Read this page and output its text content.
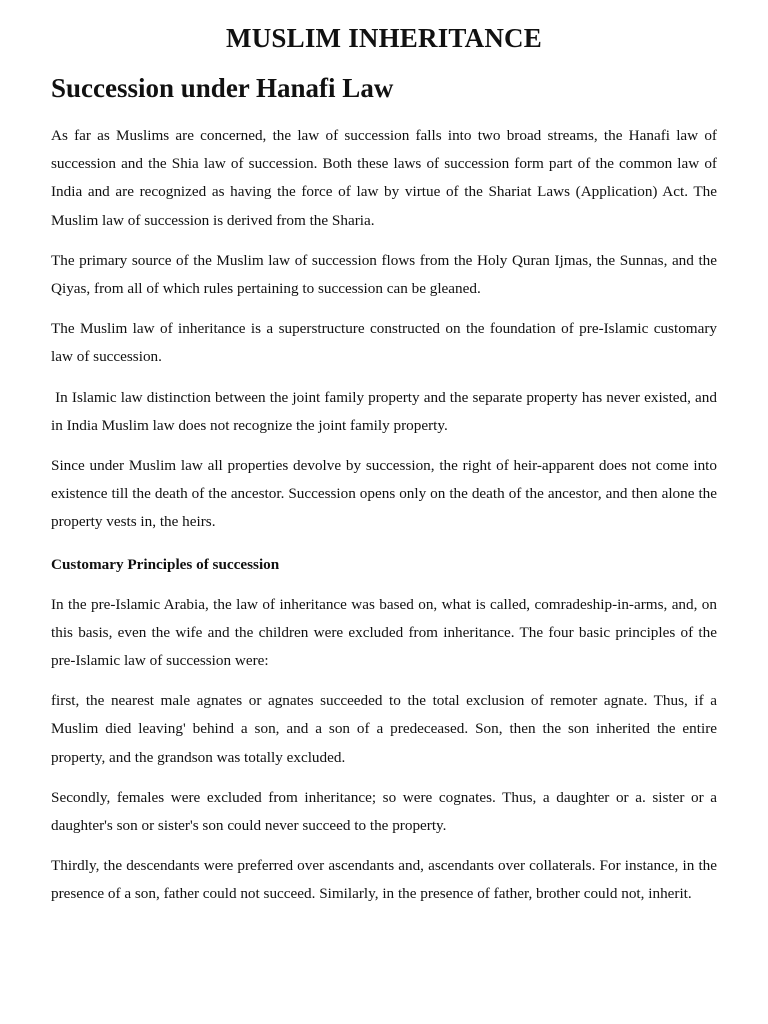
MUSLIM INHERITANCE
Succession under Hanafi Law

As far as Muslims are concerned, the law of succession falls into two broad streams, the Hanafi law of succession and the Shia law of succession. Both these laws of succession form part of the common law of India and are recognized as having the force of law by virtue of the Shariat Laws (Application) Act. The Muslim law of succession is derived from the Sharia.

The primary source of the Muslim law of succession flows from the Holy Quran Ijmas, the Sunnas, and the Qiyas, from all of which rules pertaining to succession can be gleaned.

The Muslim law of inheritance is a superstructure constructed on the foundation of pre-Islamic customary law of succession.

In Islamic law distinction between the joint family property and the separate property has never existed, and in India Muslim law does not recognize the joint family property.

Since under Muslim law all properties devolve by succession, the right of heir-apparent does not come into existence till the death of the ancestor. Succession opens only on the death of the ancestor, and then alone the property vests in, the heirs.

Customary Principles of succession

In the pre-Islamic Arabia, the law of inheritance was based on, what is called, comradeship-in-arms, and, on this basis, even the wife and the children were excluded from inheritance. The four basic principles of the pre-Islamic law of succession were:

first, the nearest male agnates or agnates succeeded to the total exclusion of remoter agnate. Thus, if a Muslim died leaving' behind a son, and a son of a predeceased. Son, then the son inherited the entire property, and the grandson was totally excluded.

Secondly, females were excluded from inheritance; so were cognates. Thus, a daughter or a. sister or a daughter's son or sister's son could never succeed to the property.

Thirdly, the descendants were preferred over ascendants and, ascendants over collaterals. For instance, in the presence of a son, father could not succeed. Similarly, in the presence of father, brother could not, inherit.
